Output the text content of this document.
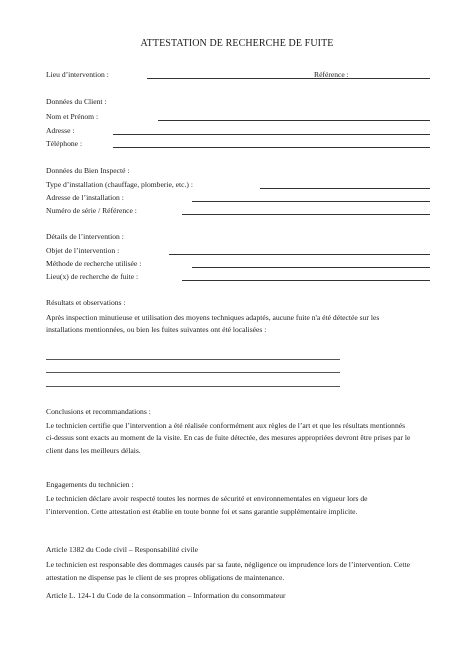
ATTESTATION DE RECHERCHE DE FUITE
Lieu d’intervention :	Référence :
Données du Client :
Nom et Prénom :
Adresse :
Téléphone :
Données du Bien Inspecté :
Type d’installation (chauffage, plomberie, etc.) :
Adresse de l’installation :
Numéro de série / Référence :
Détails de l’intervention :
Objet de l’intervention :
Méthode de recherche utilisée :
Lieu(x) de recherche de fuite :
Résultats et observations :
Après inspection minutieuse et utilisation des moyens techniques adaptés, aucune fuite n'a été détectée sur les
installations mentionnées, ou bien les fuites suivantes ont été localisées :
Conclusions et recommandations :
Le technicien certifie que l’intervention a été réalisée conformément aux règles de l’art et que les résultats mentionnés
ci-dessus sont exacts au moment de la visite. En cas de fuite détectée, des mesures appropriées devront être prises par le
client dans les meilleurs délais.
Engagements du technicien :
Le technicien déclare avoir respecté toutes les normes de sécurité et environnementales en vigueur lors de
l’intervention. Cette attestation est établie en toute bonne foi et sans garantie supplémentaire implicite.
Article 1382 du Code civil – Responsabilité civile
Le technicien est responsable des dommages causés par sa faute, négligence ou imprudence lors de l’intervention. Cette
attestation ne dispense pas le client de ses propres obligations de maintenance.
Article L. 124-1 du Code de la consommation – Information du consommateur
